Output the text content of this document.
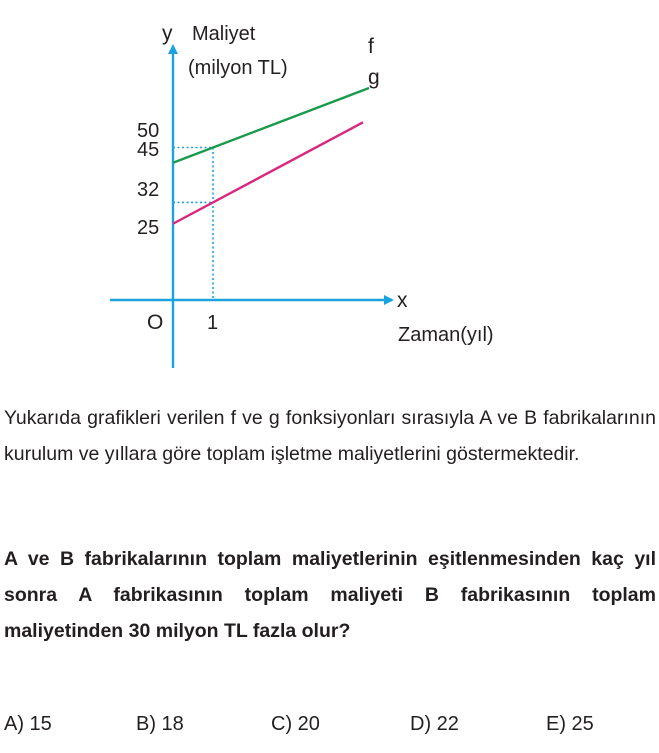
y Maliyet
(milyon TL)
f
g
50
45
32
25
O 1
x
Zaman(yıl)

Yukarıda grafikleri verilen f ve g fonksiyonları sırasıyla A ve B fabrikalarının kurulum ve yıllara göre toplam işletme maliyetlerini göstermektedir.

A ve B fabrikalarının toplam maliyetlerinin eşitlenmesinden kaç yıl sonra A fabrikasının toplam maliyeti B fabrikasının toplam maliyetinden 30 milyon TL fazla olur?

A) 15	B) 18	C) 20	D) 22	E) 25
